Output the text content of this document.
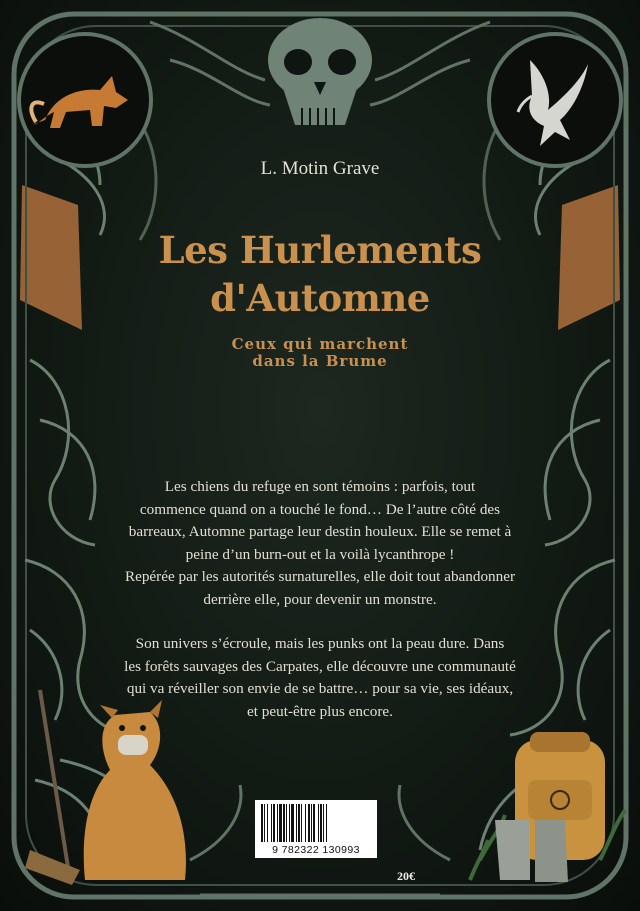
L. Motin Grave

Les Hurlements
d'Automne

Ceux qui marchent

dans la Brume

Les chiens du refuge en sont témoins : parfois, tout
commence quand on a touché le fond… De l’autre côté des
barreaux, Automne partage leur destin houleux. Elle se remet à
peine d’un burn-out et la voilà lycanthrope !
Repérée par les autorités surnaturelles, elle doit tout abandonner
derrière elle, pour devenir un monstre.

Son univers s’écroule, mais les punks ont la peau dure. Dans
les forêts sauvages des Carpates, elle découvre une communauté
qui va réveiller son envie de se battre… pour sa vie, ses idéaux,
et peut-être plus encore.

9 782322 130993
20€
